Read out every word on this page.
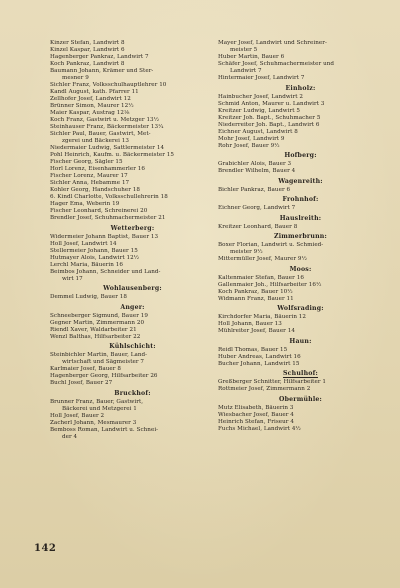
Kinzer Stefan, Landwirt 8
Kinzel Kaspar, Landwirt 6
Hagenberger Pankraz, Landwirt 7
Koch Pankraz, Landwirt 8
Baumann Johann, Krämer und Ster-
mesner 9
Sichler Franz, Volksschulhauptlehrer 10
Kandl August, kath. Pfarrer 11
Zellhofer Josef, Landwirt 12
Brünner Simon, Maurer 12½
Maier Kaspar, Austrag 12⅛
Koch Franz, Gastwirt u. Metzger 13½
Steinhauser Franz, Bäckermeister 13¼
Sichler Paul, Bauer, Gastwirt, Met-
zgerei und Bäckerei 13
Niedermaier Ludwig, Sattlermeister 14
Pohl Heinrich, Kaufm. u. Bäckermeister 15
Fischer Georg, Sägler 15
Horl Lorenz, Eisenhammerler 16
Fischer Lorenz, Maurer 17
Sichler Anna, Hebamme 17
Kohler Georg, Handschuher 18
6. Kindl Charlotte, Volksschullehrerin 18
Hager Ema, Weberin 19
Fischer Leonhard, Schreinerei 20
Brendler Josef, Schuhmachermeister 21
Wetterberg:
Widermeier Johann Baptist, Bauer 13
Holl Josef, Landwirt 14
Stellermeier Johann, Bauer 15
Hutmayer Alois, Landwirt 12½
Lerchl Maria, Bäuerin 16
Beimbos Johann, Schneider und Land-
wirt 17
Wohlausenberg:
Demmel Ludwig, Bauer 18
Anger:
Schneeberger Sigmund, Bauer 19
Gegner Martin, Zimmermann 20
Riendl Xaver, Waldarbeiter 21
Wenzl Balthas, Hilfsarbeiter 22
Kühlschicht:
Steinbichler Martin, Bauer, Land-
wirtschaft und Sägmeister 7
Karlmaier Josef, Bauer 8
Hagenberger Georg, Hilfsarbeiter 26
Buchl Josef, Bauer 27
Bruckhof:
Brunner Franz, Bauer, Gastwirt,
Bäckerei und Metzgerei 1
Holl Josef, Bauer 2
Zacherl Johann, Mesmaurer 3
Bemboss Roman, Landwirt u. Schnei-
der 4
Mayer Josef, Landwirt und Schreiner-
meister 5
Huber Martin, Bauer 6
Schäfer Josef, Schuhmachermeister und
Landwirt 7
Hintermaier Josef, Landwirt 7
Einholz:
Hainbucher Josef, Landwirt 2
Schmid Anton, Maurer u. Landwirt 3
Kreitzer Ludwig, Landwirt 5
Kreitzer Joh. Bapt., Schuhmacher 5
Niederreiter Joh. Bapt., Landwirt 6
Eichner August, Landwirt 8
Mohr Josef, Landwirt 9
Rohr Josef, Bauer 9½
Hofberg:
Grabichler Alois, Bauer 3
Brendler Wilhelm, Bauer 4
Wagenreith:
Bichler Pankraz, Bauer 6
Frohnhof:
Eichner Georg, Landwirt 7
Hauslreith:
Kreitzer Leonhard, Bauer 8
Zimmerbrunn:
Boxer Florian, Landwirt u. Schmied-
meister 9½
Mittermüller Josef, Maurer 9½
Moos:
Kaltenmaier Stefan, Bauer 16
Gallenmaier Joh., Hilfsarbeiter 16½
Koch Pankraz, Bauer 10½
Widmann Franz, Bauer 11
Wolfsrading:
Kirchdorfer Maria, Bäuerin 12
Holl Johann, Bauer 13
Mühlreiter Josef, Bauer 14
Haun:
Reidl Thomas, Bauer 15
Huber Andreas, Landwirt 16
Bucher Johann, Landwirt 15
Schulhof:
Greßberger Schnitter, Hilfsarbeiter 1
Rottmeier Josef, Zimmermann 2
Obermühle:
Mutz Elisabeth, Bäuerin 3
Wiesbacher Josef, Bauer 4
Heinrich Stefan, Friseur 4
Fuchs Michael, Landwirt 4½
142
